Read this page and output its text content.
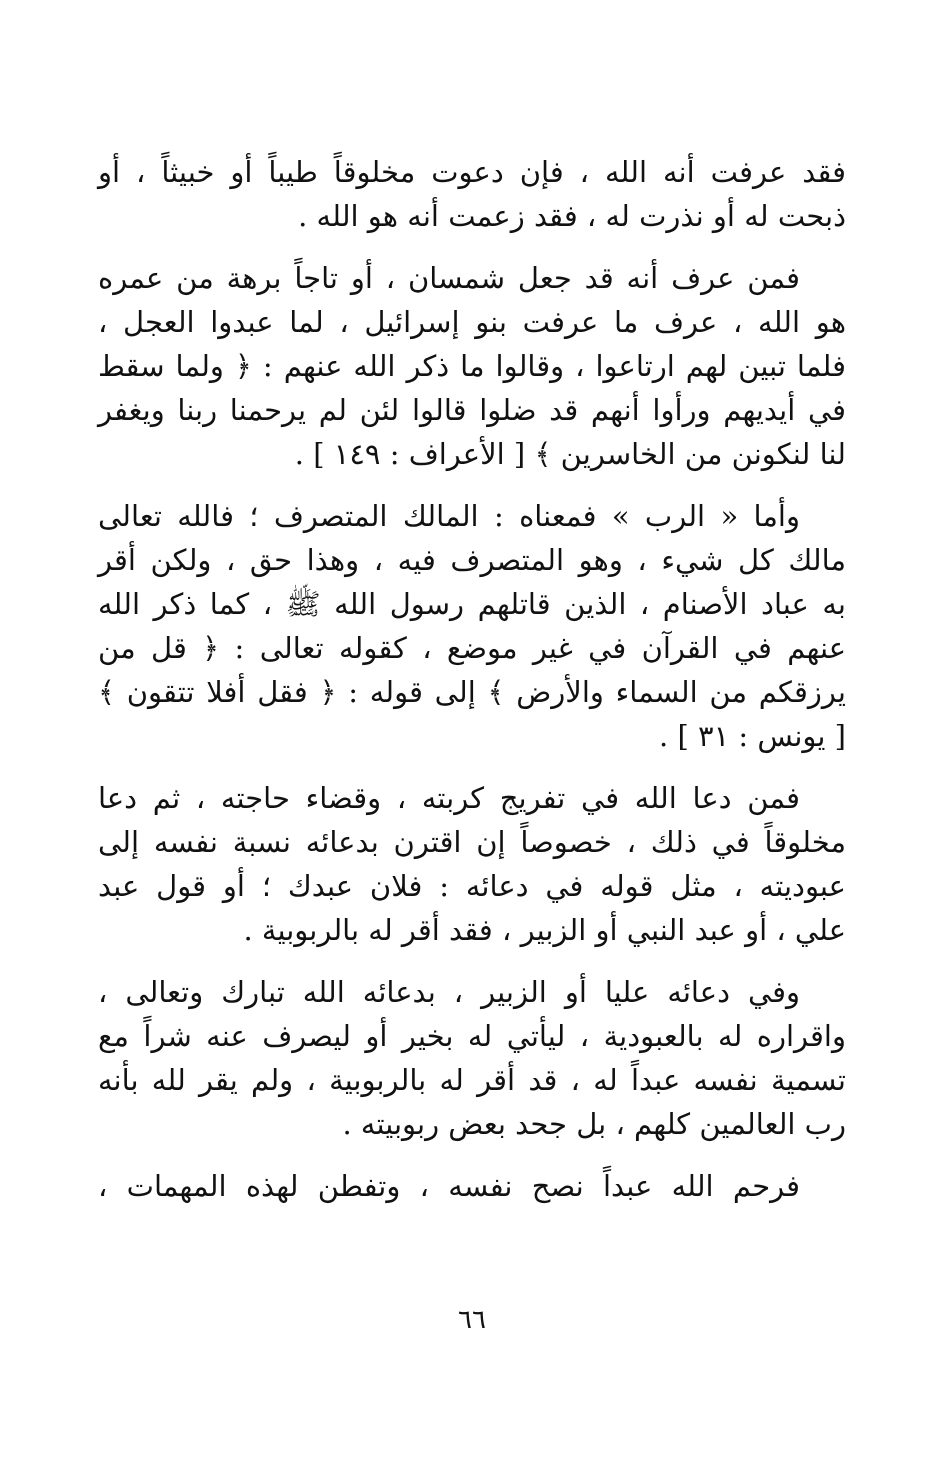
فقد عرفت أنه الله ، فإن دعوت مخلوقاً طيباً أو خبيثاً ، أو
ذبحت له أو نذرت له ، فقد زعمت أنه هو الله .
فمن عرف أنه قد جعل شمسان ، أو تاجاً برهة من عمره
هو الله ، عرف ما عرفت بنو إسرائيل ، لما عبدوا العجل ،
فلما تبين لهم ارتاعوا ، وقالوا ما ذكر الله عنهم : ﴿ ولما سقط
في أيديهم ورأوا أنهم قد ضلوا قالوا لئن لم يرحمنا ربنا ويغفر
لنا لنكونن من الخاسرين ﴾ [ الأعراف : ١٤٩ ] .
وأما « الرب » فمعناه : المالك المتصرف ؛ فالله تعالى
مالك كل شيء ، وهو المتصرف فيه ، وهذا حق ، ولكن أقر
به عباد الأصنام ، الذين قاتلهم رسول الله ﷺ ، كما ذكر الله
عنهم في القرآن في غير موضع ، كقوله تعالى : ﴿ قل من
يرزقكم من السماء والأرض ﴾ إلى قوله : ﴿ فقل أفلا تتقون ﴾
[ يونس : ٣١ ] .
فمن دعا الله في تفريج كربته ، وقضاء حاجته ، ثم دعا
مخلوقاً في ذلك ، خصوصاً إن اقترن بدعائه نسبة نفسه إلى
عبوديته ، مثل قوله في دعائه : فلان عبدك ؛ أو قول عبد
علي ، أو عبد النبي أو الزبير ، فقد أقر له بالربوبية .
وفي دعائه عليا أو الزبير ، بدعائه الله تبارك وتعالى ،
واقراره له بالعبودية ، ليأتي له بخير أو ليصرف عنه شراً مع
تسمية نفسه عبداً له ، قد أقر له بالربوبية ، ولم يقر لله بأنه
رب العالمين كلهم ، بل جحد بعض ربوبيته .
فرحم الله عبداً نصح نفسه ، وتفطن لهذه المهمات ،
٦٦
